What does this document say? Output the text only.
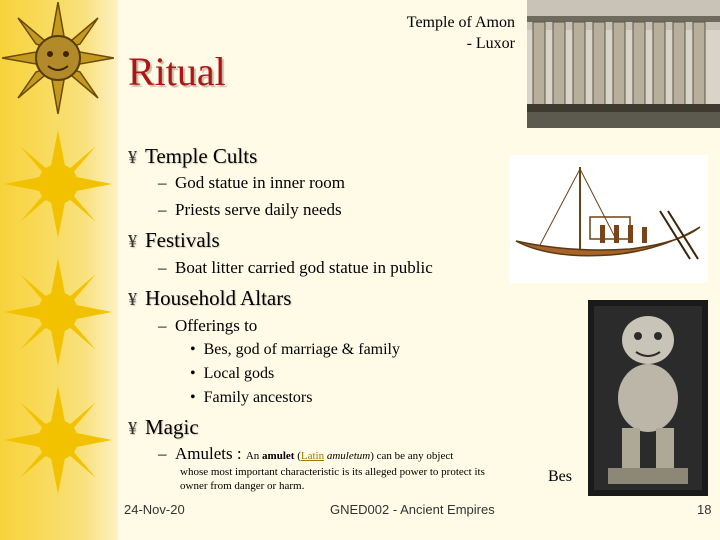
Ritual
Temple of Amon
- Luxor
Bes
¥ Temple Cults
– God statue in inner room
– Priests serve daily needs
¥ Festivals
– Boat litter carried god statue in public
¥ Household Altars
– Offerings to
• Bes, god of marriage & family
• Local gods
• Family ancestors
¥ Magic
– Amulets : An amulet (Latin amuletum) can be any object
whose most important characteristic is its alleged power to protect its owner from danger or harm.
24-Nov-20	GNED002 - Ancient Empires	18
